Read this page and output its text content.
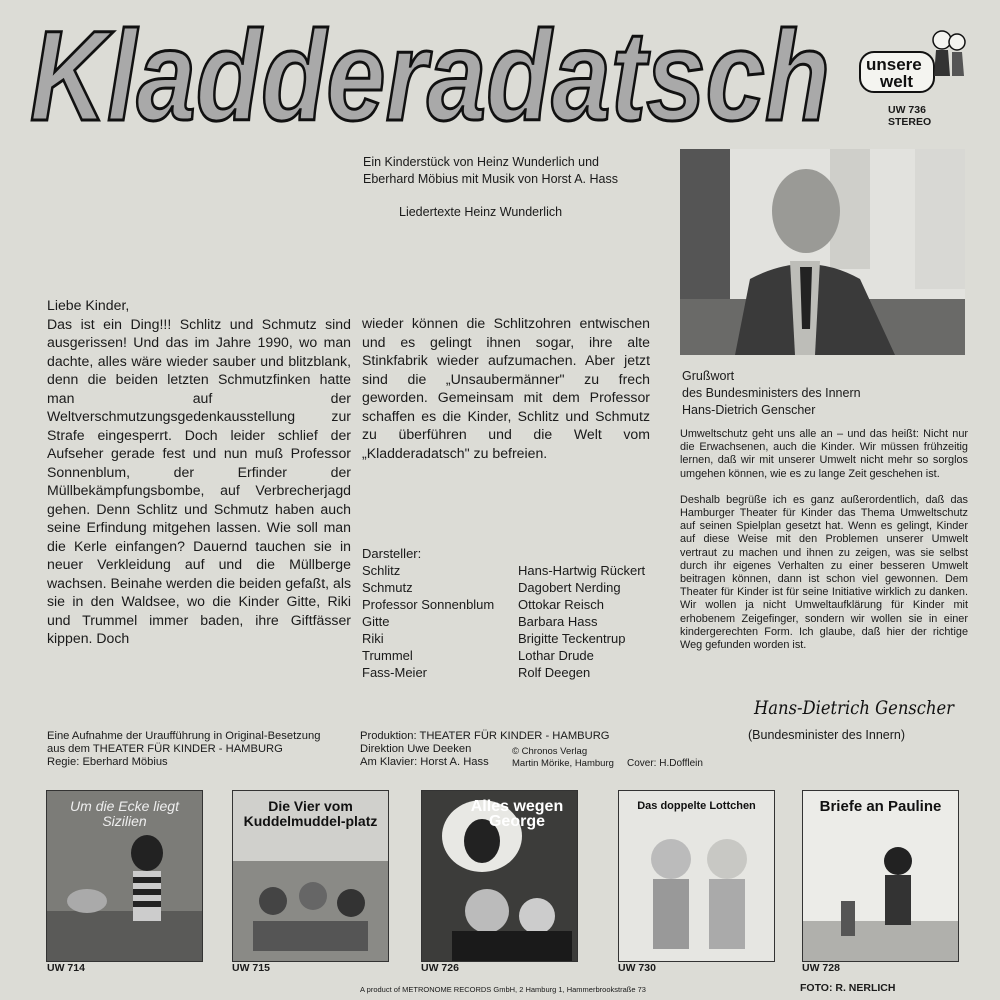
Kladderadatsch unsere
welt
UW 736
STEREO

Ein Kinderstück von Heinz Wunderlich und

Eberhard Möbius mit Musik von Horst A. Hass

Liedertexte Heinz Wunderlich

Liebe Kinder,

Das ist ein Ding!!! Schlitz und Schmutz sind ausgerissen! Und das im Jahre 1990, wo man dachte, alles wäre wieder sauber und blitzblank, denn die beiden letzten Schmutzfinken hatte man auf der Weltverschmutzungsgedenkausstellung zur Strafe eingesperrt. Doch leider schlief der Aufseher gerade fest und nun muß Professor Sonnenblum, der Erfinder der Müllbekämpfungsbombe, auf Verbrecherjagd gehen. Denn Schlitz und Schmutz haben auch seine Erfindung mitgehen lassen. Wie soll man die Kerle einfangen? Dauernd tauchen sie in neuer Verkleidung auf und die Müllberge wachsen. Beinahe werden die beiden gefaßt, als sie in den Waldsee, wo die Kinder Gitte, Riki und Trummel immer baden, ihre Giftfässer kippen. Doch

wieder können die Schlitzohren entwischen und es gelingt ihnen sogar, ihre alte Stinkfabrik wieder aufzumachen. Aber jetzt sind die „Unsaubermänner" zu frech geworden. Gemeinsam mit dem Professor schaffen es die Kinder, Schlitz und Schmutz zu überführen und die Welt vom „Kladderadatsch" zu befreien.

Darsteller:
Schlitz	Hans-Hartwig Rückert
Schmutz	Dagobert Nerding
Professor Sonnenblum	Ottokar Reisch
Gitte	Barbara Hass
Riki	Brigitte Teckentrup
Trummel	Lothar Drude
Fass-Meier	Rolf Deegen
Grußwort
des Bundesministers des Innern
Hans-Dietrich Genscher

Umweltschutz geht uns alle an – und das heißt: Nicht nur die Erwachsenen, auch die Kinder. Wir müssen frühzeitig lernen, daß wir mit unserer Umwelt nicht mehr so sorglos umgehen können, wie es zu lange Zeit geschehen ist.

Deshalb begrüße ich es ganz außerordentlich, daß das Hamburger Theater für Kinder das Thema Umweltschutz auf seinen Spielplan gesetzt hat. Wenn es gelingt, Kinder auf diese Weise mit den Problemen unserer Umwelt vertraut zu machen und ihnen zu zeigen, was sie selbst durch ihr eigenes Verhalten zu einer besseren Umwelt beitragen können, dann ist schon viel gewonnen. Dem Theater für Kinder ist für seine Initiative wirklich zu danken. Wir wollen ja nicht Umweltaufklärung für Kinder mit erhobenem Zeigefinger, sondern wir wollen sie in einer kindergerechten Form. Ich glaube, daß hier der richtige Weg gefunden worden ist.

Hans-Dietrich Genscher
(Bundesminister des Innern)

Eine Aufnahme der Uraufführung in Original-Besetzung

aus dem THEATER FÜR KINDER - HAMBURG

Regie: Eberhard Möbius

Produktion: THEATER FÜR KINDER - HAMBURG

Direktion Uwe Deeken

Am Klavier: Horst A. Hass

© Chronos Verlag
Martin Mörike, Hamburg Cover: H.Dofflein
Um die Ecke liegt Sizilien
UW 714
Die Vier vom Kuddelmuddel-platz
UW 715
Alles wegen George
UW 726
Das doppelte Lottchen
UW 730
Briefe an Pauline
UW 728
A product of METRONOME RECORDS GmbH, 2 Hamburg 1, Hammerbrookstraße 73	FOTO: R. NERLICH
